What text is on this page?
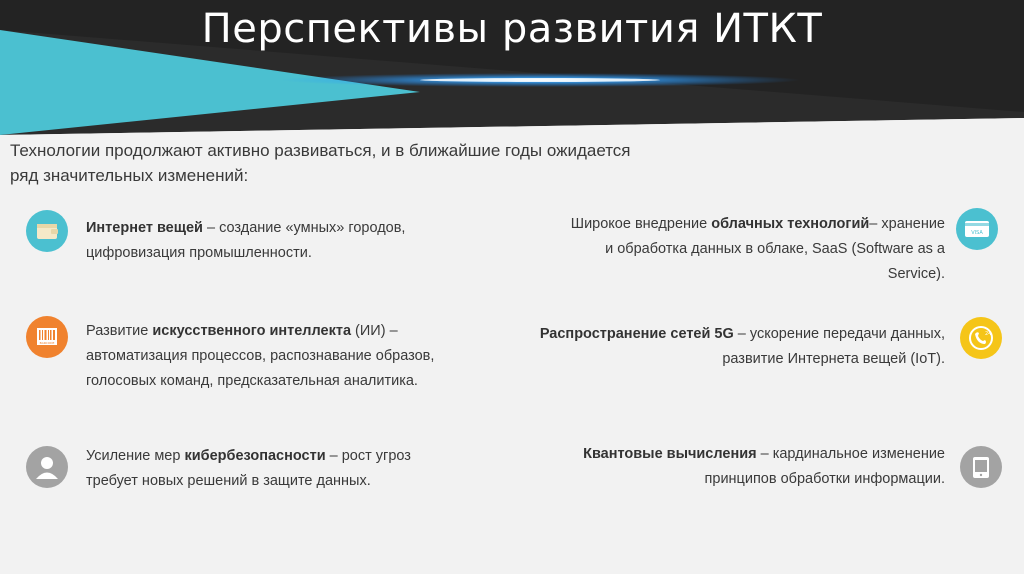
Перспективы развития ИТКТ
Технологии продолжают активно развиваться, и в ближайшие годы ожидается ряд значительных изменений:
Интернет вещей – создание «умных» городов, цифровизация промышленности.
BARCODE
Развитие искусственного интеллекта (ИИ) – автоматизация процессов, распознавание образов, голосовых команд, предсказательная аналитика.
Усиление мер кибербезопасности – рост угроз требует новых решений в защите данных.
Широкое внедрение облачных технологий– хранение и обработка данных в облаке, SaaS (Software as a Service).
VISA
Распространение сетей 5G – ускорение передачи данных, развитие Интернета вещей (IoT).
24
Квантовые вычисления – кардинальное изменение принципов обработки информации.
